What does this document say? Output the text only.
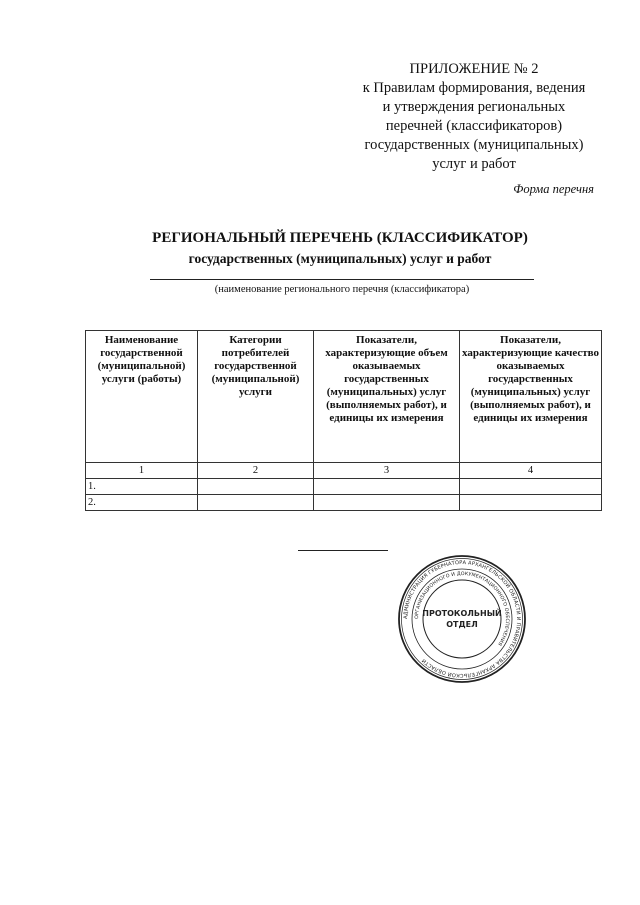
ПРИЛОЖЕНИЕ № 2
к Правилам формирования, ведения
и утверждения региональных
перечней (классификаторов)
государственных (муниципальных)
услуг и работ
Форма перечня
РЕГИОНАЛЬНЫЙ ПЕРЕЧЕНЬ (КЛАССИФИКАТОР)
государственных (муниципальных) услуг и работ
(наименование регионального перечня (классификатора)
Наименование государственной (муниципальной) услуги (работы)	Категории потребителей государственной (муниципальной) услуги	Показатели, характеризующие объем оказываемых государственных (муниципальных) услуг (выполняемых работ), и единицы их измерения	Показатели, характеризующие качество оказываемых государственных (муниципальных) услуг (выполняемых работ), и единицы их измерения
1	2	3	4
1.			
2.			
АДМИНИСТРАЦИЯ ГУБЕРНАТОРА АРХАНГЕЛЬСКОЙ ОБЛАСТИ И ПРАВИТЕЛЬСТВА АРХАНГЕЛЬСКОЙ ОБЛАСТИ
ОРГАНИЗАЦИОННОГО И ДОКУМЕНТАЦИОННОГО ОБЕСПЕЧЕНИЯ
ПРОТОКОЛЬНЫЙ
ОТДЕЛ
